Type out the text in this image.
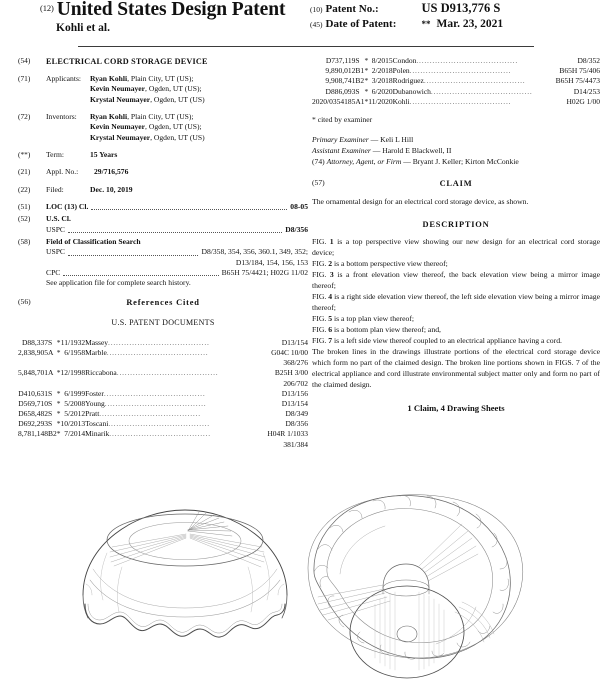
$^{(12)}$ United States Design Patent
Kohli et al.
(10) Patent No.:	US D913,776 S
(45) Date of Patent:	** Mar. 23, 2021
(54)	ELECTRICAL CORD STORAGE DEVICE
(71)	Applicants:	Ryan Kohli, Plain City, UT (US);
Kevin Neumayer, Ogden, UT (US);
Krystal Neumayer, Ogden, UT (US)
(72)	Inventors:	Ryan Kohli, Plain City, UT (US);
Kevin Neumayer, Ogden, UT (US);
Krystal Neumayer, Ogden, UT (US)
(**)	Term:	15 Years
(21)	Appl. No.:	29/716,576
(22)	Filed:	Dec. 10, 2019
(51)	LOC (13) Cl.	08-05
(52)	U.S. Cl.
USPC	D8/356
(58)	Field of Classification Search
USPC	D8/358, 354, 356, 360.1, 349, 352;
D13/184, 154, 156, 153
CPC	B65H 75/4421; H02G 11/02
See application file for complete search history.
(56)	References Cited
U.S. PATENT DOCUMENTS
D88,337	S	*	11/1932	Massey......................................	D13/154
2,838,905	A	*	6/1958	Marble......................................	G04C 10/00
					368/276
5,848,701	A	*	12/1998	Riccabona......................................	B25H 3/00
					206/702
D410,631	S	*	6/1999	Foster......................................	D13/156
D569,710	S	*	5/2008	Young......................................	D13/154
D658,482	S	*	5/2012	Pratt......................................	D8/349
D692,293	S	*	10/2013	Toscani......................................	D8/356
8,781,148	B2	*	7/2014	Minarik......................................	H04R 1/1033
					381/384
D737,119	S	*	8/2015	Condon......................................	D8/352
9,890,012	B1	*	2/2018	Polen......................................	B65H 75/406
9,908,741	B2	*	3/2018	Rodriguez......................................	B65H 75/4473
D886,093	S	*	6/2020	Dubanowich......................................	D14/253
2020/0354185	A1	*	11/2020	Kohli......................................	H02G 1/00
* cited by examiner
Primary Examiner — Keli L Hill
Assistant Examiner — Harold E Blackwell, II
(74) Attorney, Agent, or Firm — Bryant J. Keller; Kirton McConkie
(57)	CLAIM
The ornamental design for an electrical cord storage device, as shown.
DESCRIPTION
FIG. 1 is a top perspective view showing our new design for an electrical cord storage device;
FIG. 2 is a bottom perspective view thereof;
FIG. 3 is a front elevation view thereof, the back elevation view being a mirror image thereof;
FIG. 4 is a right side elevation view thereof, the left side elevation view being a mirror image thereof;
FIG. 5 is a top plan view thereof;
FIG. 6 is a bottom plan view thereof; and,
FIG. 7 is a left side view thereof coupled to an electrical appliance having a cord.
The broken lines in the drawings illustrate portions of the electrical cord storage device which form no part of the claimed design. The broken line portions shown in FIGS. 7 of the electrical appliance and cord illustrate environmental subject matter only and form no part of the claimed design.
1 Claim, 4 Drawing Sheets
